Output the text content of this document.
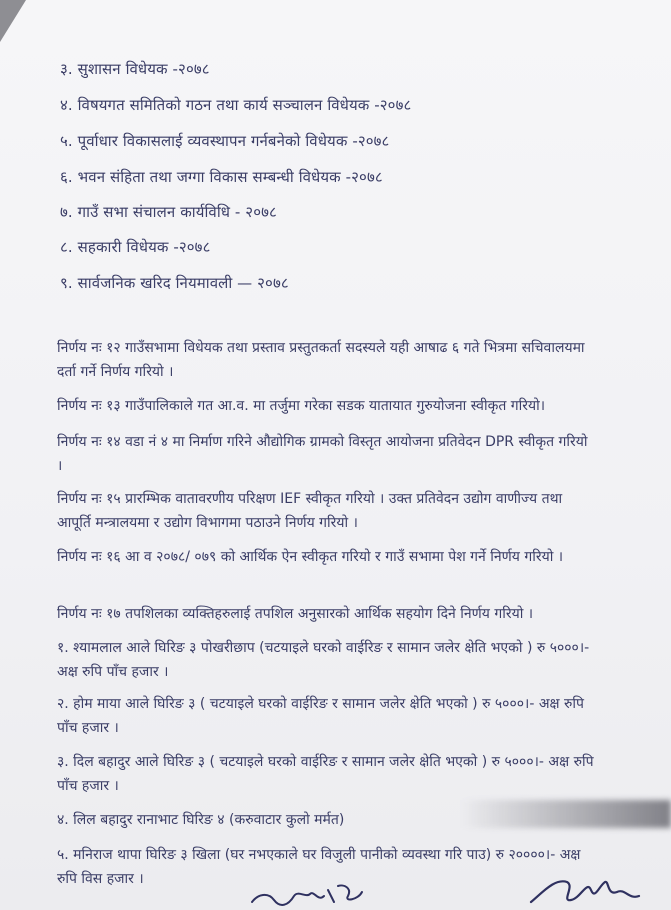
३. सुशासन विधेयक -२०७८
४. विषयगत समितिको गठन तथा कार्य सञ्चालन विधेयक -२०७८
५. पूर्वाधार विकासलाई व्यवस्थापन गर्नबनेको विधेयक -२०७८
६. भवन संहिता तथा जग्गा विकास सम्बन्धी विधेयक -२०७८
७. गाउँ सभा संचालन कार्यविधि - २०७८
८. सहकारी विधेयक -२०७८
९. सार्वजनिक खरिद नियमावली — २०७८
निर्णय नः १२ गाउँसभामा विधेयक तथा प्रस्ताव प्रस्तुतकर्ता सदस्यले यही आषाढ ६ गते भित्रमा सचिवालयमा दर्ता गर्ने निर्णय गरियो ।
निर्णय नः १३ गाउँपालिकाले गत आ.व. मा तर्जुमा गरेका सडक यातायात गुरुयोजना स्वीकृत गरियो।
निर्णय नः १४ वडा नं ४ मा निर्माण गरिने औद्योगिक ग्रामको विस्तृत आयोजना प्रतिवेदन DPR स्वीकृत गरियो ।
निर्णय नः १५ प्रारम्भिक वातावरणीय परिक्षण IEF स्वीकृत गरियो । उक्त प्रतिवेदन उद्योग वाणीज्य तथा आपूर्ति मन्त्रालयमा र उद्योग विभागमा पठाउने निर्णय गरियो ।
निर्णय नः १६ आ व २०७८/ ०७९ को आर्थिक ऐन स्वीकृत गरियो र गाउँ सभामा पेश गर्ने निर्णय गरियो ।
निर्णय नः १७ तपशिलका व्यक्तिहरुलाई तपशिल अनुसारको आर्थिक सहयोग दिने निर्णय गरियो ।
१. श्यामलाल आले घिरिङ ३ पोखरीछाप (चटयाइले घरको वाईरिङ र सामान जलेर क्षेति भएको ) रु ५०००।- अक्ष रुपि पाँच हजार ।
२. होम माया आले घिरिङ ३ ( चटयाइले घरको वाईरिङ र सामान जलेर क्षेति भएको ) रु ५०००।- अक्ष रुपि पाँच हजार ।
३. दिल बहादुर आले घिरिङ ३ ( चटयाइले घरको वाईरिङ र सामान जलेर क्षेति भएको ) रु ५०००।- अक्ष रुपि पाँच हजार ।
४. लिल बहादुर रानाभाट घिरिङ ४ (करुवाटार कुलो मर्मत)
५. मनिराज थापा घिरिङ ३ खिला (घर नभएकाले घर विजुली पानीको व्यवस्था गरि पाउ) रु २००००।- अक्ष रुपि विस हजार ।
